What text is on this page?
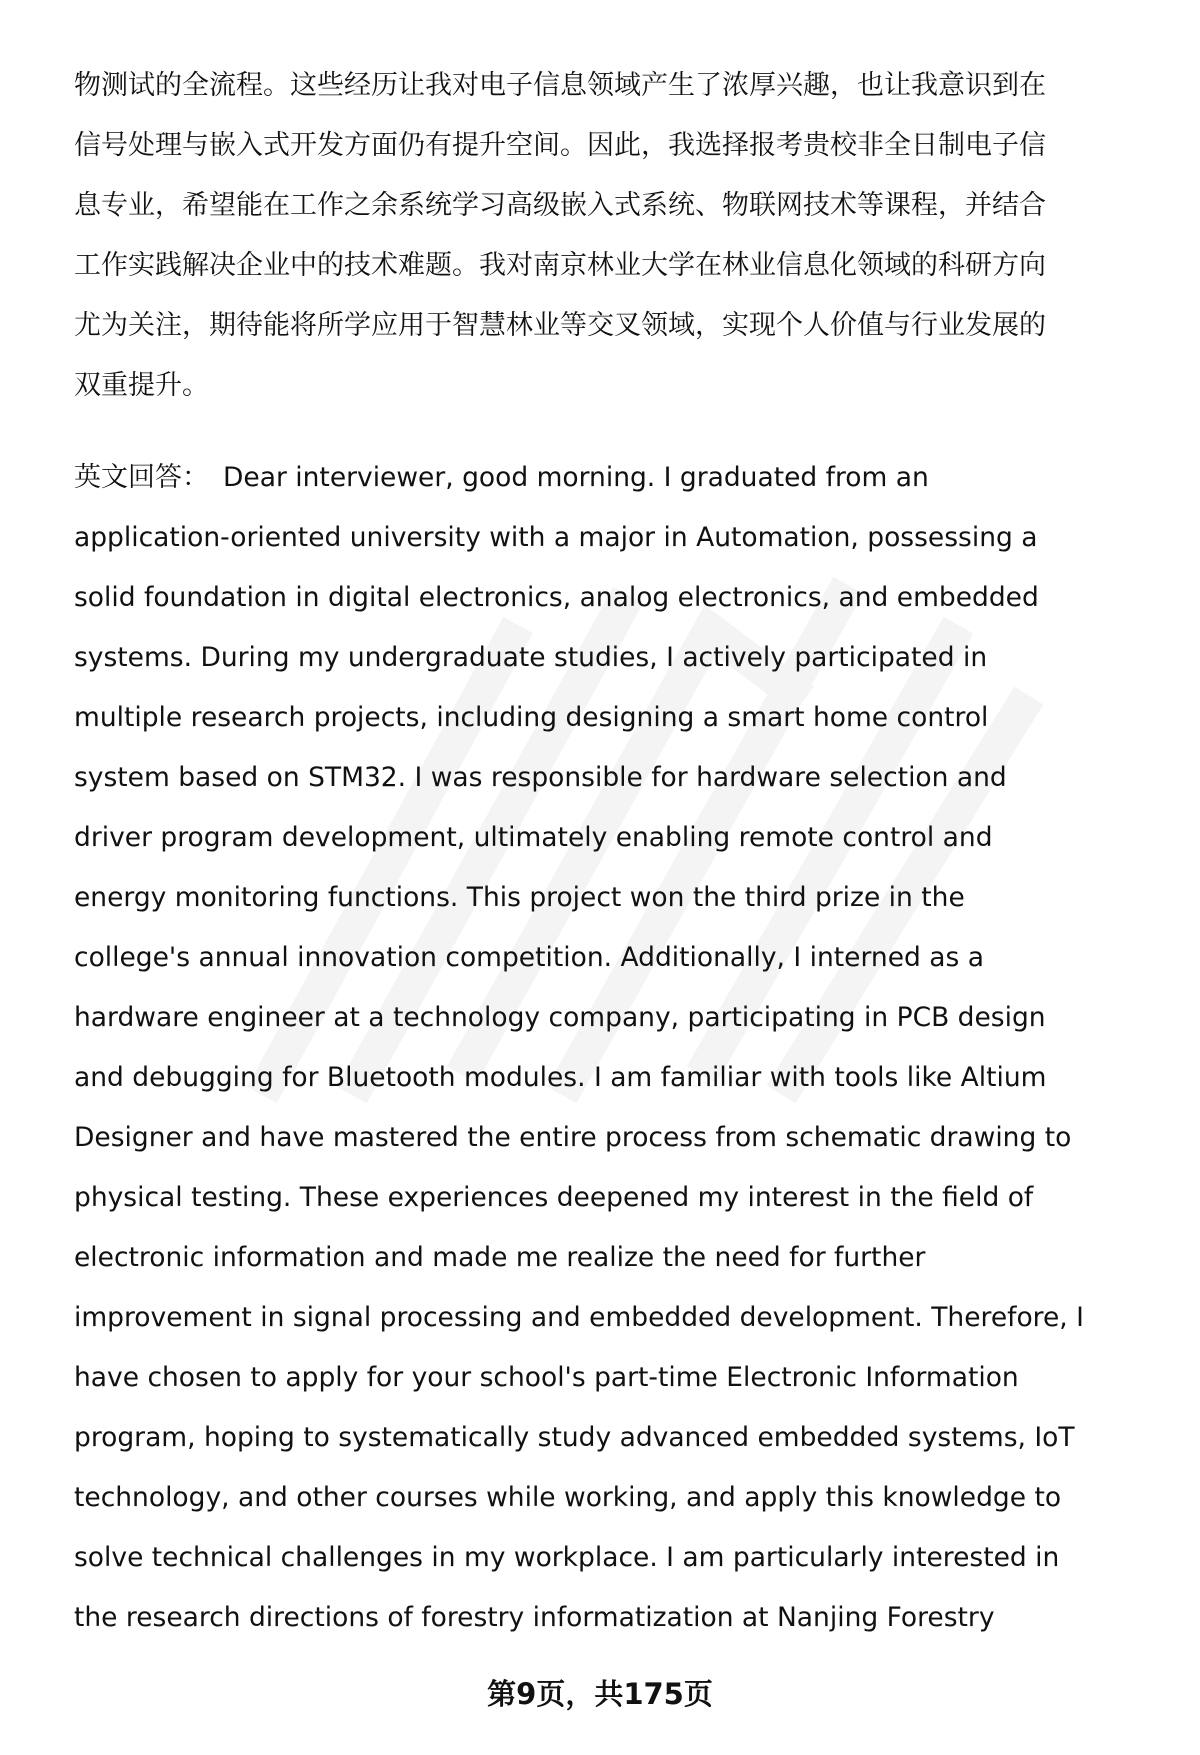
物测试的全流程。这些经历让我对电子信息领域产生了浓厚兴趣，也让我意识到在
信号处理与嵌入式开发方面仍有提升空间。因此，我选择报考贵校非全日制电子信
息专业，希望能在工作之余系统学习高级嵌入式系统、物联网技术等课程，并结合
工作实践解决企业中的技术难题。我对南京林业大学在林业信息化领域的科研方向
尤为关注，期待能将所学应用于智慧林业等交叉领域，实现个人价值与行业发展的
双重提升。

英文回答： Dear interviewer, good morning. I graduated from an
application-oriented university with a major in Automation, possessing a
solid foundation in digital electronics, analog electronics, and embedded
systems. During my undergraduate studies, I actively participated in
multiple research projects, including designing a smart home control
system based on STM32. I was responsible for hardware selection and
driver program development, ultimately enabling remote control and
energy monitoring functions. This project won the third prize in the
college's annual innovation competition. Additionally, I interned as a
hardware engineer at a technology company, participating in PCB design
and debugging for Bluetooth modules. I am familiar with tools like Altium
Designer and have mastered the entire process from schematic drawing to
physical testing. These experiences deepened my interest in the field of
electronic information and made me realize the need for further
improvement in signal processing and embedded development. Therefore, I
have chosen to apply for your school's part-time Electronic Information
program, hoping to systematically study advanced embedded systems, IoT
technology, and other courses while working, and apply this knowledge to
solve technical challenges in my workplace. I am particularly interested in
the research directions of forestry informatization at Nanjing Forestry

第9页，共175页
